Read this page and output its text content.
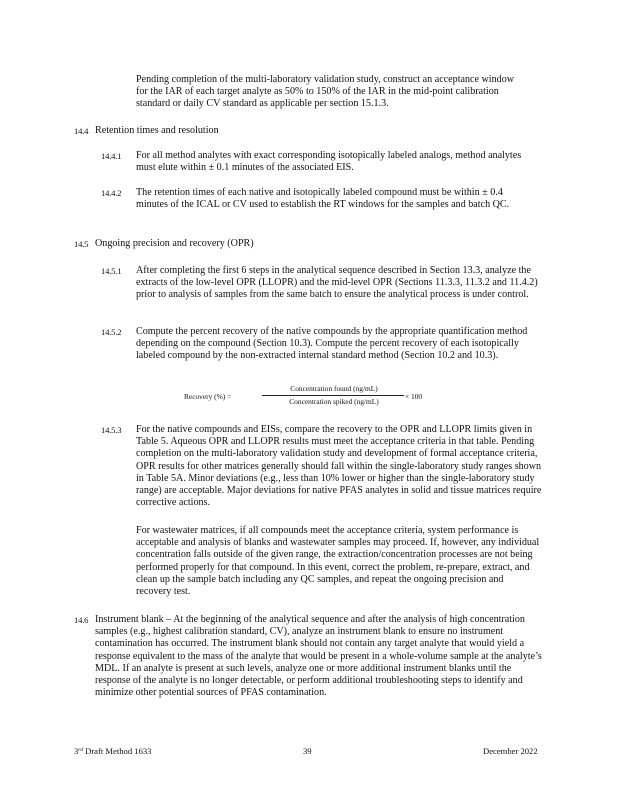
Pending completion of the multi-laboratory validation study, construct an acceptance window for the IAR of each target analyte as 50% to 150% of the IAR in the mid-point calibration standard or daily CV standard as applicable per section 15.1.3.

14.4 Retention times and resolution
14.4.1 For all method analytes with exact corresponding isotopically labeled analogs, method analytes must elute within ± 0.1 minutes of the associated EIS.

14.4.2 The retention times of each native and isotopically labeled compound must be within ± 0.4 minutes of the ICAL or CV used to establish the RT windows for the samples and batch QC.

14.5 Ongoing precision and recovery (OPR)
14.5.1 After completing the first 6 steps in the analytical sequence described in Section 13.3, analyze the extracts of the low-level OPR (LLOPR) and the mid-level OPR (Sections 11.3.3, 11.3.2 and 11.4.2) prior to analysis of samples from the same batch to ensure the analytical process is under control.

14.5.2 Compute the percent recovery of the native compounds by the appropriate quantification method depending on the compound (Section 10.3). Compute the percent recovery of each isotopically labeled compound by the non-extracted internal standard method (Section 10.2 and 10.3).

Recovery (%) =
Concentration found (ng/mL)
Concentration spiked (ng/mL)
× 100
14.5.3 For the native compounds and EISs, compare the recovery to the OPR and LLOPR limits given in Table 5. Aqueous OPR and LLOPR results must meet the acceptance criteria in that table. Pending completion on the multi-laboratory validation study and development of formal acceptance criteria, OPR results for other matrices generally should fall within the single-laboratory study ranges shown in Table 5A. Minor deviations (e.g., less than 10% lower or higher than the single-laboratory study range) are acceptable. Major deviations for native PFAS analytes in solid and tissue matrices require corrective actions.

For wastewater matrices, if all compounds meet the acceptance criteria, system performance is acceptable and analysis of blanks and wastewater samples may proceed. If, however, any individual concentration falls outside of the given range, the extraction/concentration processes are not being performed properly for that compound. In this event, correct the problem, re-prepare, extract, and clean up the sample batch including any QC samples, and repeat the ongoing precision and recovery test.

14.6 Instrument blank – At the beginning of the analytical sequence and after the analysis of high concentration samples (e.g., highest calibration standard, CV), analyze an instrument blank to ensure no instrument contamination has occurred. The instrument blank should not contain any target analyte that would yield a response equivalent to the mass of the analyte that would be present in a whole-volume sample at the analyte’s MDL. If an analyte is present at such levels, analyze one or more additional instrument blanks until the response of the analyte is no longer detectable, or perform additional troubleshooting steps to identify and minimize other potential sources of PFAS contamination.

3rd Draft Method 1633	39	December 2022
